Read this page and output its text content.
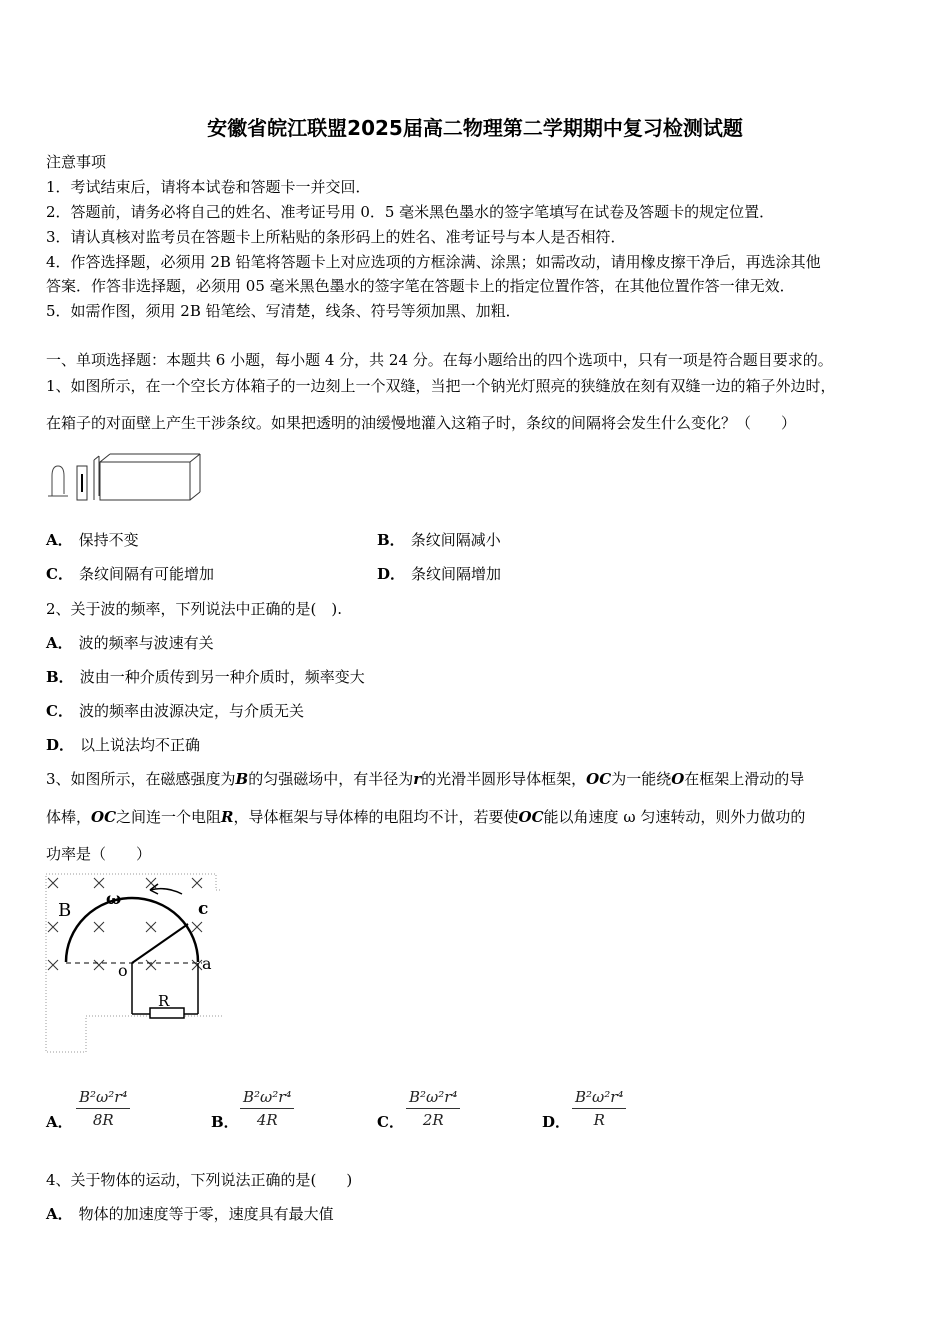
安徽省皖江联盟2025届高二物理第二学期期中复习检测试题
注意事项
1．考试结束后，请将本试卷和答题卡一并交回．
2．答题前，请务必将自己的姓名、准考证号用 0．5 毫米黑色墨水的签字笔填写在试卷及答题卡的规定位置．
3．请认真核对监考员在答题卡上所粘贴的条形码上的姓名、准考证号与本人是否相符．
4．作答选择题，必须用 2B 铅笔将答题卡上对应选项的方框涂满、涂黑；如需改动，请用橡皮擦干净后，再选涂其他
答案．作答非选择题，必须用 05 毫米黑色墨水的签字笔在答题卡上的指定位置作答，在其他位置作答一律无效．
5．如需作图，须用 2B 铅笔绘、写清楚，线条、符号等须加黑、加粗．
一、单项选择题：本题共 6 小题，每小题 4 分，共 24 分。在每小题给出的四个选项中，只有一项是符合题目要求的。
1、如图所示，在一个空长方体箱子的一边刻上一个双缝，当把一个钠光灯照亮的狭缝放在刻有双缝一边的箱子外边时，
在箱子的对面壁上产生干涉条纹。如果把透明的油缓慢地灌入这箱子时，条纹的间隔将会发生什么变化？（　　）
A． 保持不变	B． 条纹间隔减小
C． 条纹间隔有可能增加	D． 条纹间隔增加
2、关于波的频率，下列说法中正确的是(　).
A． 波的频率与波速有关
B． 波由一种介质传到另一种介质时，频率变大
C． 波的频率由波源决定，与介质无关
D． 以上说法均不正确
3、如图所示，在磁感强度为B的匀强磁场中，有半径为r的光滑半圆形导体框架，OC为一能绕O在框架上滑动的导
体棒，OC之间连一个电阻R，导体框架与导体棒的电阻均不计，若要使OC能以角速度 ω 匀速转动，则外力做功的
功率是（　　）
B
ω
c
o	a
R
A． $\frac{\text{B²ω²r⁴}}{8R}$	B． $\frac{\text{B²ω²r⁴}}{4R}$	C． $\frac{\text{B²ω²r⁴}}{2R}$	D． $\frac{\text{B²ω²r⁴}}{R}$
4、关于物体的运动，下列说法正确的是(　　)
A． 物体的加速度等于零，速度具有最大值
